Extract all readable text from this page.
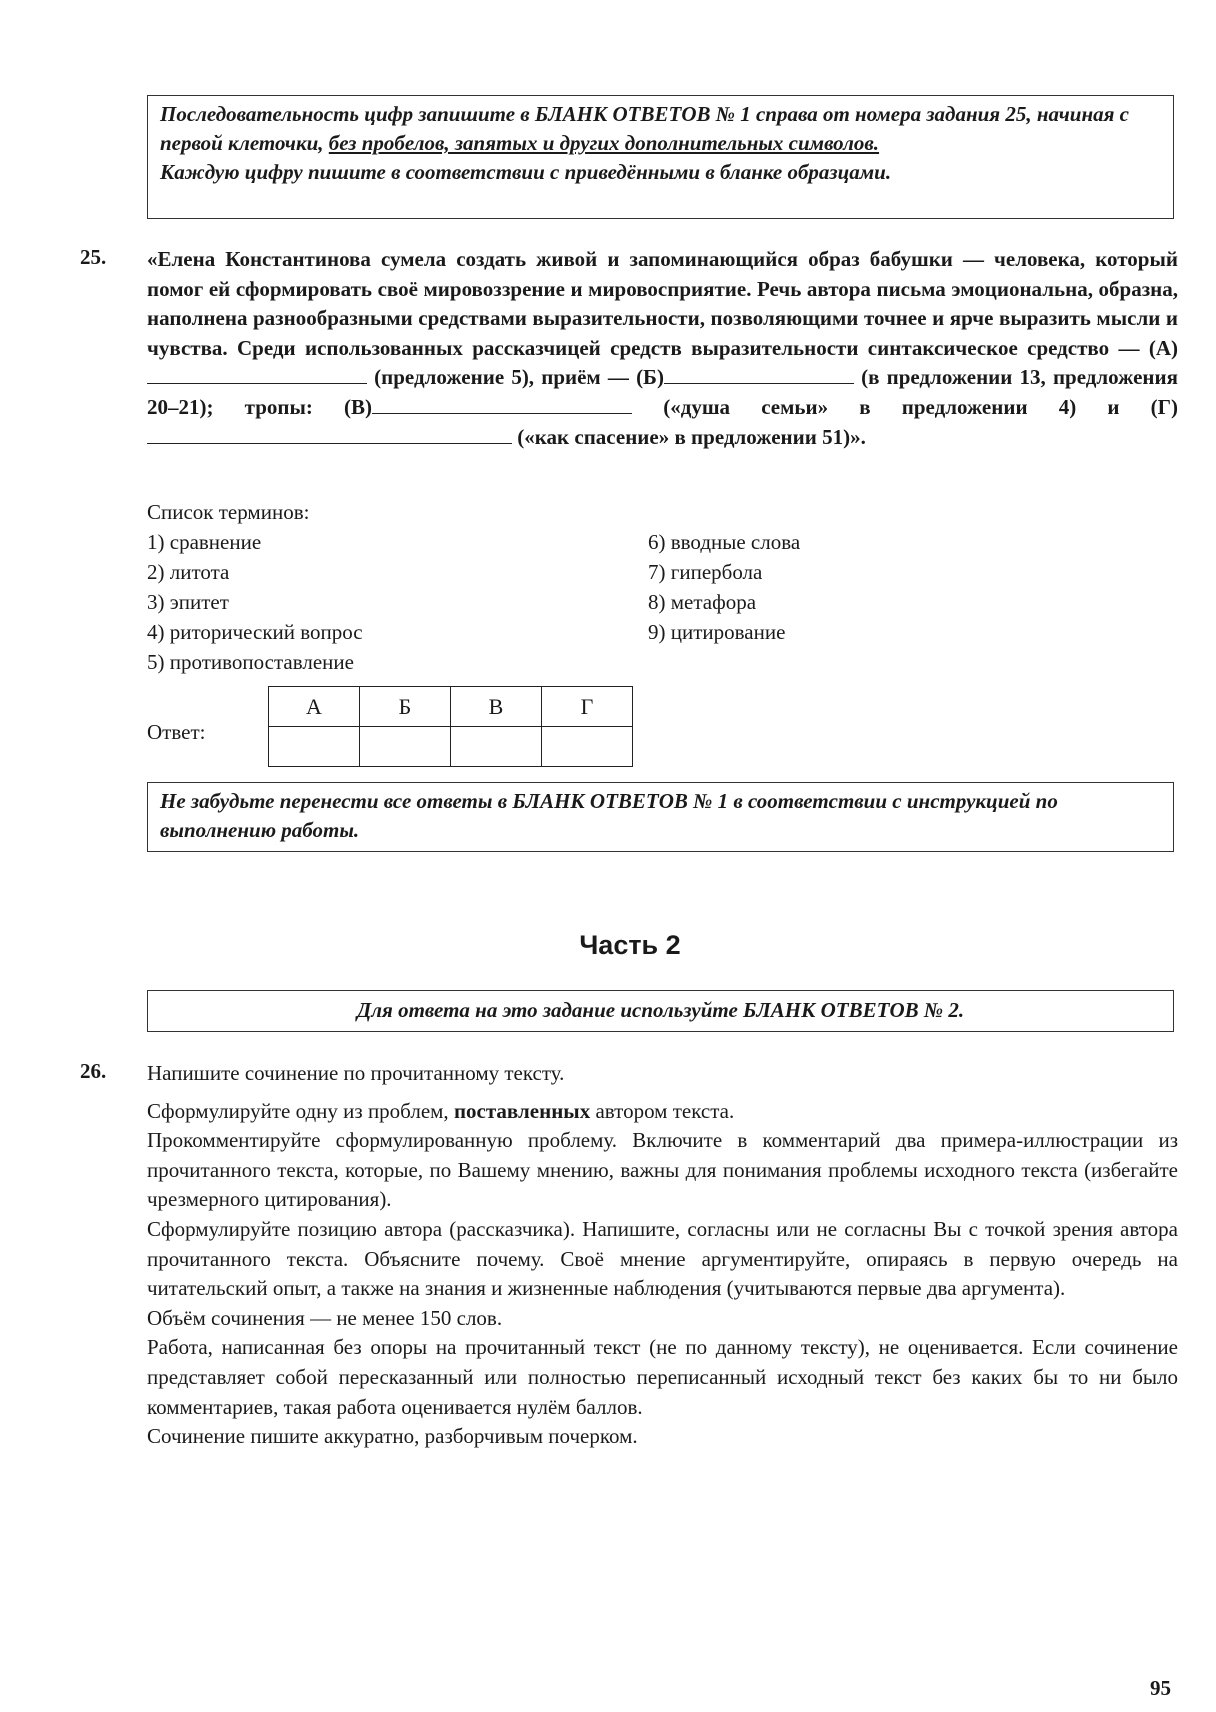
Последовательность цифр запишите в БЛАНК ОТВЕТОВ № 1 справа от номера задания 25, начиная с первой клеточки, без пробелов, запятых и других дополнительных символов.
Каждую цифру пишите в соответствии с приведёнными в бланке образцами.
25. «Елена Константинова сумела создать живой и запоминающийся образ бабушки — человека, который помог ей сформировать своё мировоззрение и мировосприятие. Речь автора письма эмоциональна, образна, наполнена разнообразными средствами выразительности, позволяющими точнее и ярче выразить мысли и чувства. Среди использованных рассказчицей средств выразительности синтаксическое средство — (А) (предложение 5), приём — (Б)	(в предложении 13, предложения 20–21); тропы: (В)	(«душа семьи» в предложении 4) и (Г) («как спасение» в предложении 51)».
Список терминов:
1) сравнение
2) литота
3) эпитет
4) риторический вопрос
5) противопоставление
6) вводные слова
7) гипербола
8) метафора
9) цитирование
Ответ:
А	Б	В	Г

Не забудьте перенести все ответы в БЛАНК ОТВЕТОВ № 1 в соответствии с инструкцией по выполнению работы.
Часть 2
Для ответа на это задание используйте БЛАНК ОТВЕТОВ № 2.
26. Напишите сочинение по прочитанному тексту.
Сформулируйте одну из проблем, поставленных автором текста.
Прокомментируйте сформулированную проблему. Включите в комментарий два примера-иллюстрации из прочитанного текста, которые, по Вашему мнению, важны для понимания проблемы исходного текста (избегайте чрезмерного цитирования).
Сформулируйте позицию автора (рассказчика). Напишите, согласны или не согласны Вы с точкой зрения автора прочитанного текста. Объясните почему. Своё мнение аргументируйте, опираясь в первую очередь на читательский опыт, а также на знания и жизненные наблюдения (учитываются первые два аргумента).
Объём сочинения — не менее 150 слов.
Работа, написанная без опоры на прочитанный текст (не по данному тексту), не оценивается. Если сочинение представляет собой пересказанный или полностью переписанный исходный текст без каких бы то ни было комментариев, такая работа оценивается нулём баллов.
Сочинение пишите аккуратно, разборчивым почерком.
95
